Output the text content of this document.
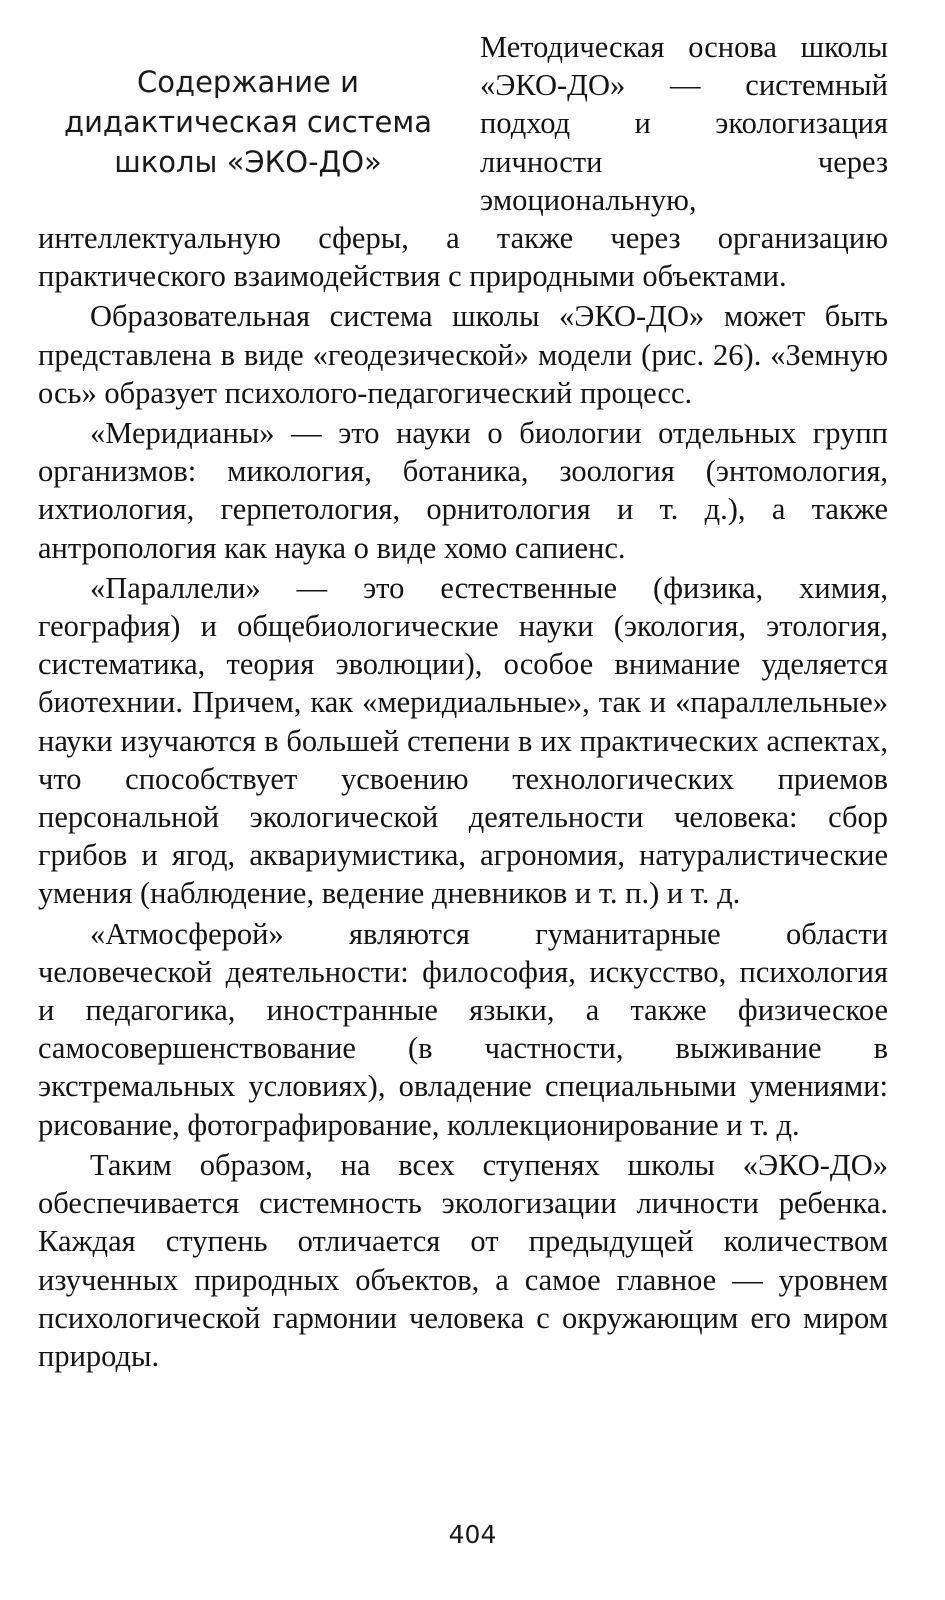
Содержание и
дидактическая система
школы «ЭКО-ДО»

Методическая основа школы «ЭКО-ДО» — системный подход и экологизация личности через эмоциональную, интеллектуальную сферы, а также через организацию практического взаимодействия с природными объектами.

Образовательная система школы «ЭКО-ДО» может быть представлена в виде «геодезической» модели (рис. 26). «Земную ось» образует психолого-педагогический процесс.

«Меридианы» — это науки о биологии отдельных групп организмов: микология, ботаника, зоология (энтомология, ихтиология, герпетология, орнитология и т. д.), а также антропология как наука о виде хомо сапиенс.

«Параллели» — это естественные (физика, химия, география) и общебиологические науки (экология, этология, систематика, теория эволюции), особое внимание уделяется биотехнии. Причем, как «меридиальные», так и «параллельные» науки изучаются в большей степени в их практических аспектах, что способствует усвоению технологических приемов персональной экологической деятельности человека: сбор грибов и ягод, аквариумистика, агрономия, натуралистические умения (наблюдение, ведение дневников и т. п.) и т. д.

«Атмосферой» являются гуманитарные области человеческой деятельности: философия, искусство, психология и педагогика, иностранные языки, а также физическое самосовершенствование (в частности, выживание в экстремальных условиях), овладение специальными умениями: рисование, фотографирование, коллекционирование и т. д.

Таким образом, на всех ступенях школы «ЭКО-ДО» обеспечивается системность экологизации личности ребенка. Каждая ступень отличается от предыдущей количеством изученных природных объектов, а самое главное — уровнем психологической гармонии человека с окружающим его миром природы.

404
